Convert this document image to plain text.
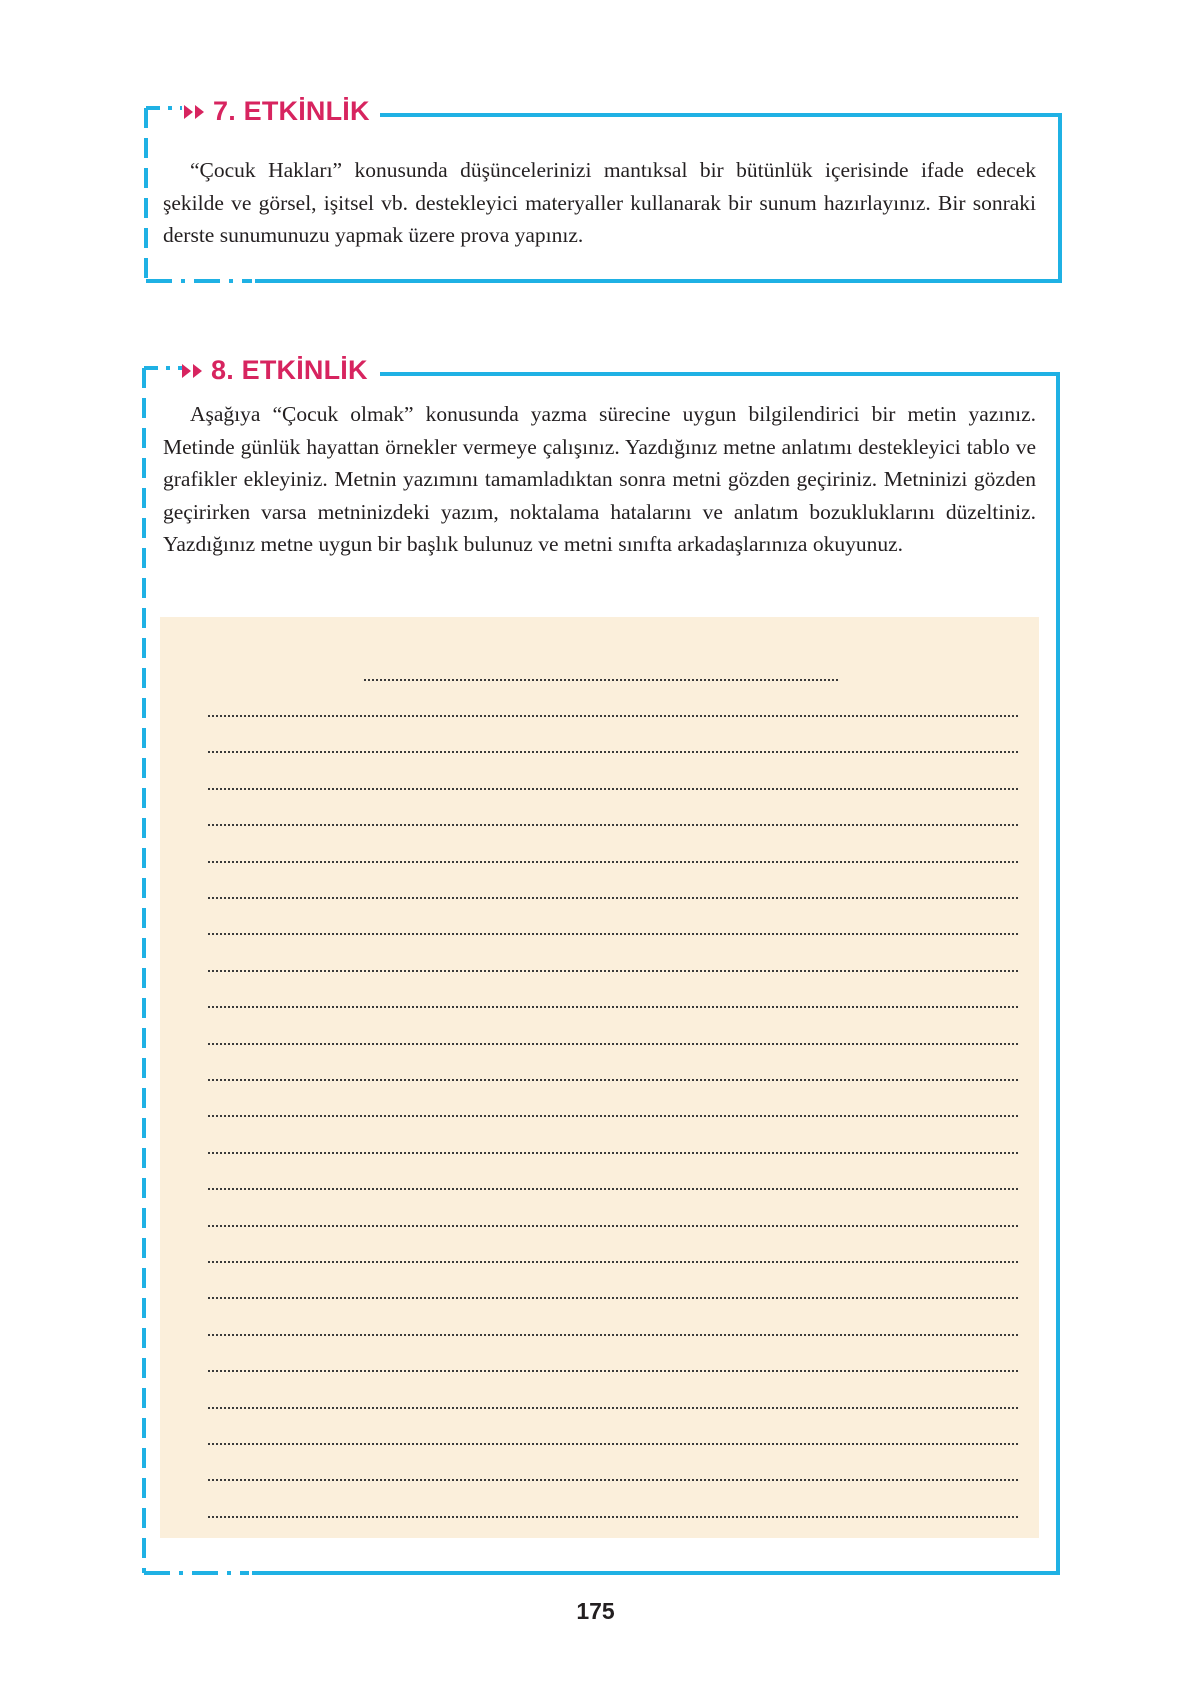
7. ETKİNLİK

“Çocuk Hakları” konusunda düşüncelerinizi mantıksal bir bütünlük içerisinde ifade edecek şekilde ve görsel, işitsel vb. destekleyici materyaller kullanarak bir sunum hazırlayınız. Bir sonraki derste sunumunuzu yapmak üzere prova yapınız.

8. ETKİNLİK

Aşağıya “Çocuk olmak” konusunda yazma sürecine uygun bilgilendirici bir metin yazınız. Metinde günlük hayattan örnekler vermeye çalışınız. Yazdığınız metne anlatımı destekleyici tablo ve grafikler ekleyiniz. Metnin yazımını tamamladıktan sonra metni gözden geçiriniz. Metninizi gözden geçirirken varsa metninizdeki yazım, noktalama hatalarını ve anlatım bozukluklarını düzeltiniz. Yazdığınız metne uygun bir başlık bulunuz ve metni sınıfta arkadaşlarınıza okuyunuz.

175
